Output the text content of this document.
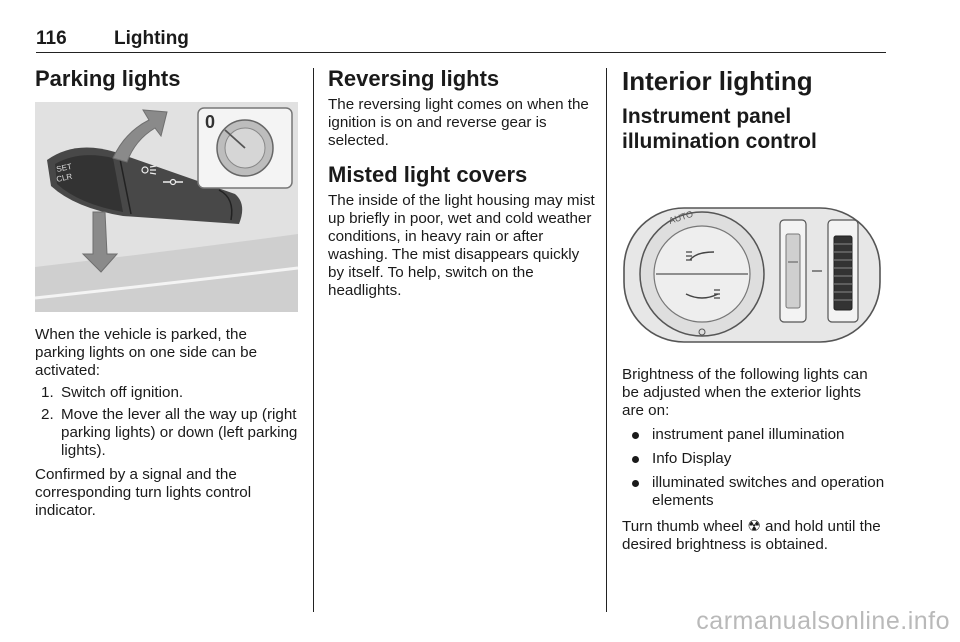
116 Lighting
Parking lights
SET
CLR
0

When the vehicle is parked, the parking lights on one side can be activated:

1. Switch off ignition.
2. Move the lever all the way up (right parking lights) or down (left parking lights).

Confirmed by a signal and the corresponding turn lights control indicator.

Reversing lights

The reversing light comes on when the ignition is on and reverse gear is selected.

Misted light covers

The inside of the light housing may mist up briefly in poor, wet and cold weather conditions, in heavy rain or after washing. The mist disappears quickly by itself. To help, switch on the headlights.

Interior lighting
Instrument panel illumination control
AUTO

Brightness of the following lights can be adjusted when the exterior lights are on:

instrument panel illumination
Info Display
illuminated switches and operation elements

Turn thumb wheel ☢ and hold until the desired brightness is obtained.

carmanualsonline.info
